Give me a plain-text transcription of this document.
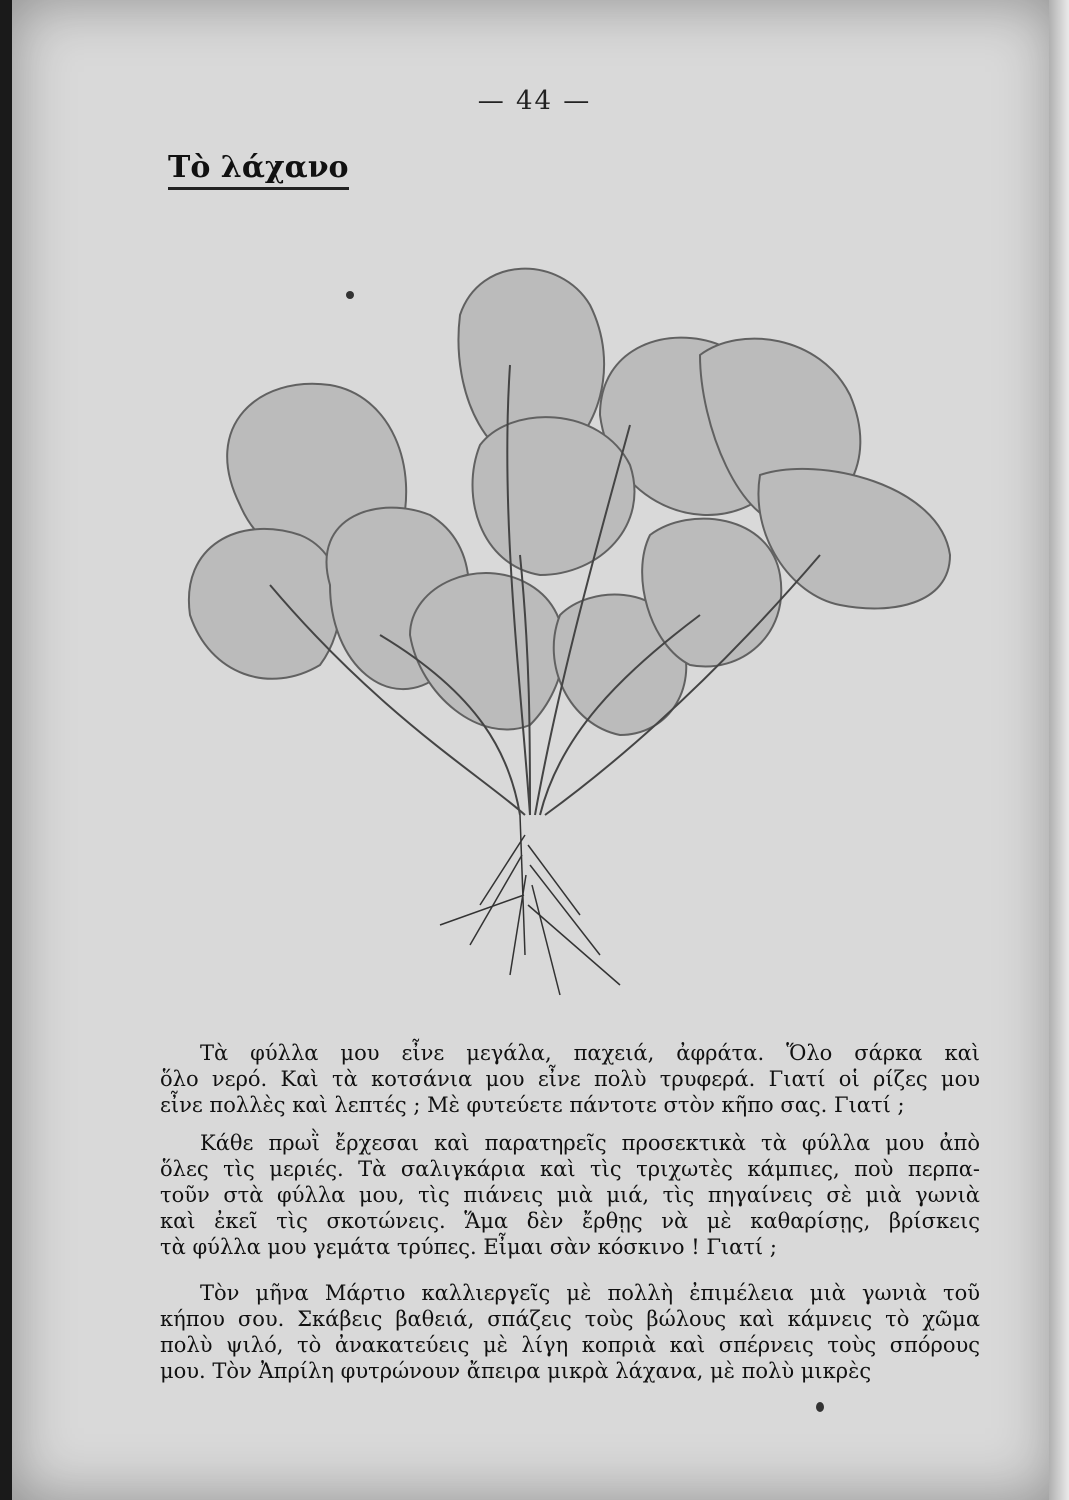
— 44 —
Τὸ λάχανο
Τὰ φύλλα μου εἶνε μεγάλα, παχειά, ἀφράτα. Ὅλο σάρκα καὶ
ὅλο νερό. Καὶ τὰ κοτσάνια μου εἶνε πολὺ τρυφερά. Γιατί οἱ ρίζες μου
εἶνε πολλὲς καὶ λεπτές ; Μὲ φυτεύετε πάντοτε στὸν κῆπο σας. Γιατί ;
Κάθε πρωῒ ἔρχεσαι καὶ παρατηρεῖς προσεκτικὰ τὰ φύλλα μου ἀπὸ
ὅλες τὶς μεριές. Τὰ σαλιγκάρια καὶ τὶς τριχωτὲς κάμπιες, ποὺ περπα-
τοῦν στὰ φύλλα μου, τὶς πιάνεις μιὰ μιά, τὶς πηγαίνεις σὲ μιὰ γωνιὰ
καὶ ἐκεῖ τὶς σκοτώνεις. Ἅμα δὲν ἔρθῃς νὰ μὲ καθαρίσῃς, βρίσκεις
τὰ φύλλα μου γεμάτα τρύπες. Εἶμαι σὰν κόσκινο ! Γιατί ;
Τὸν μῆνα Μάρτιο καλλιεργεῖς μὲ πολλὴ ἐπιμέλεια μιὰ γωνιὰ τοῦ
κήπου σου. Σκάβεις βαθειά, σπάζεις τοὺς βώλους καὶ κάμνεις τὸ χῶμα
πολὺ ψιλό, τὸ ἀνακατεύεις μὲ λίγη κοπριὰ καὶ σπέρνεις τοὺς σπόρους
μου. Τὸν Ἀπρίλη φυτρώνουν ἄπειρα μικρὰ λάχανα, μὲ πολὺ μικρὲς
